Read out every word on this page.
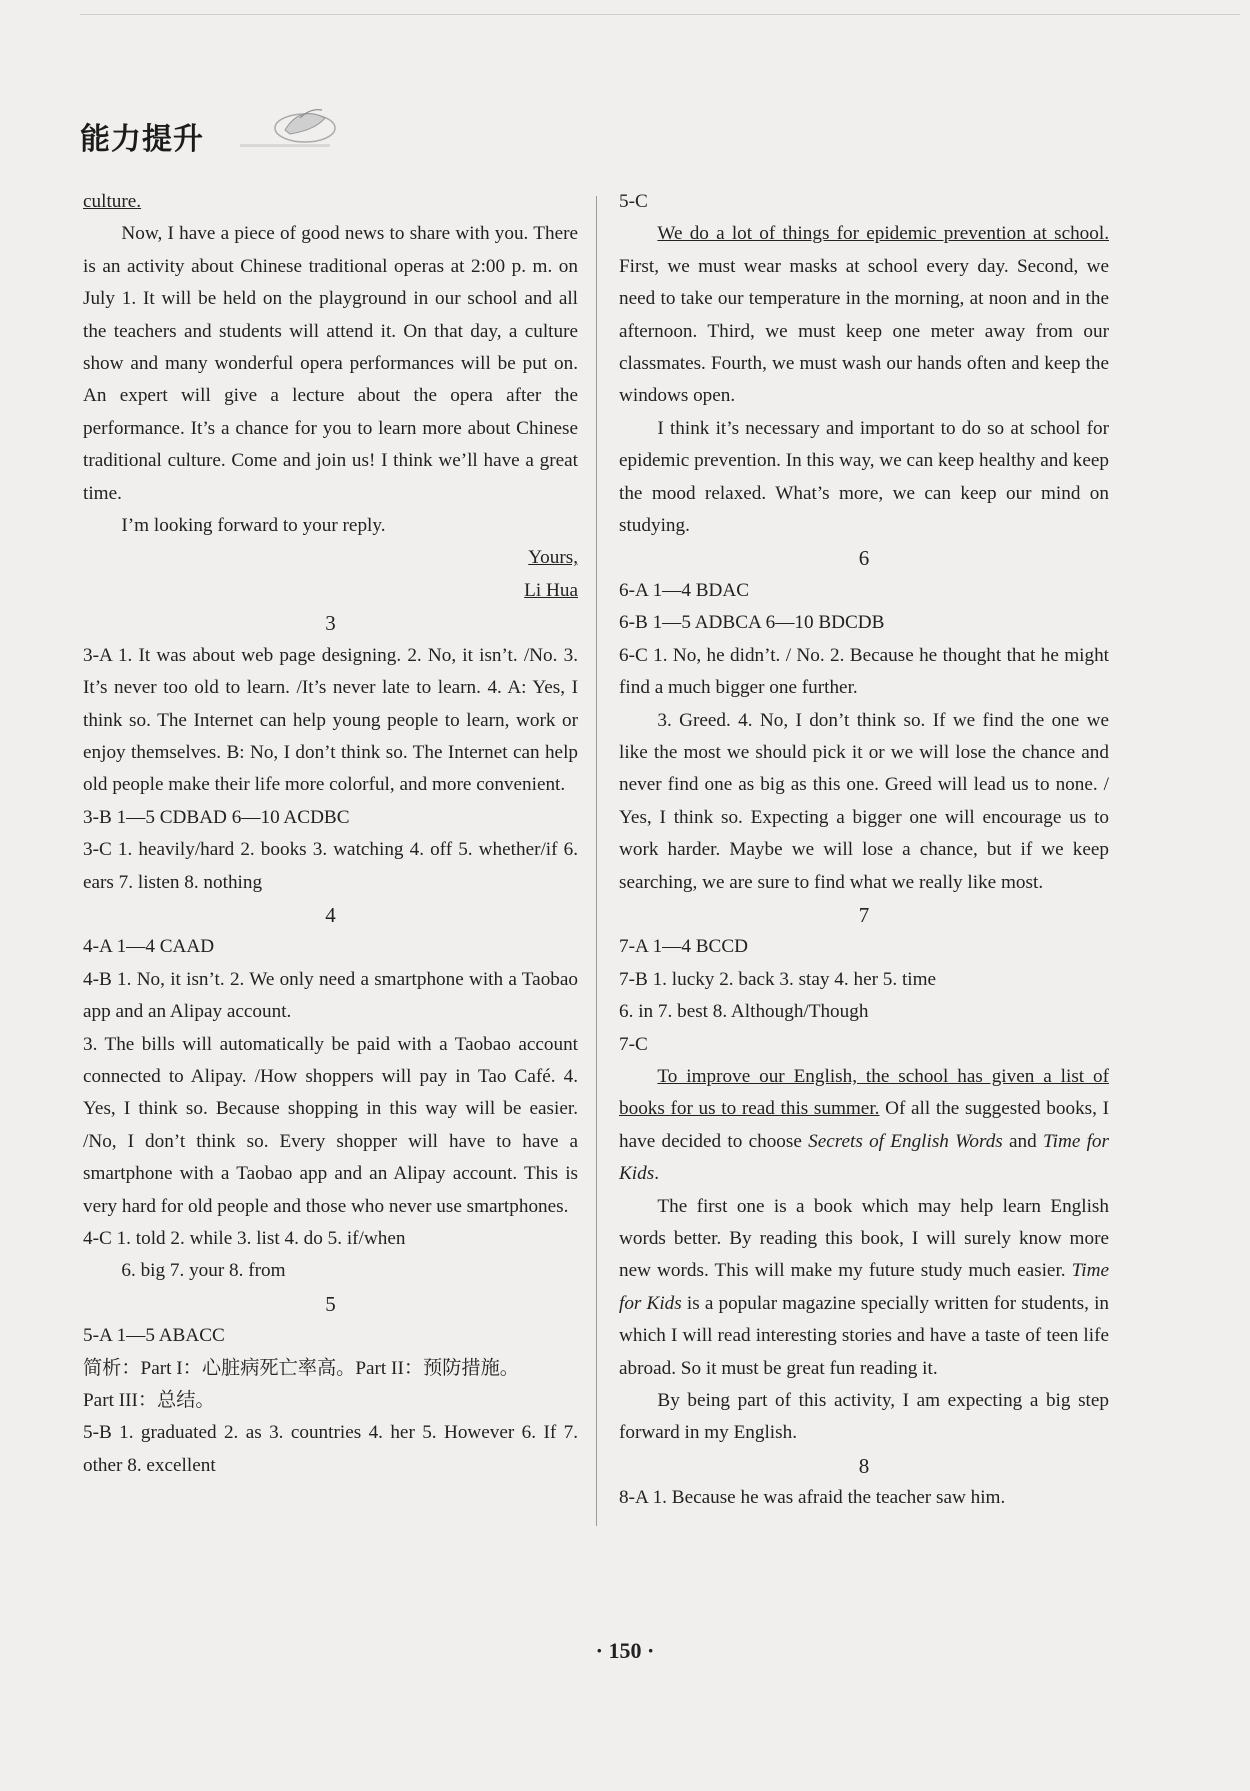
能力提升

culture.

Now, I have a piece of good news to share with you. There is an activity about Chinese traditional operas at 2:00 p. m. on July 1. It will be held on the playground in our school and all the teachers and students will attend it. On that day, a culture show and many wonderful opera performances will be put on. An expert will give a lecture about the opera after the performance. It’s a chance for you to learn more about Chinese traditional culture. Come and join us! I think we’ll have a great time.

I’m looking forward to your reply.

Yours,

Li Hua

3

3-A 1. It was about web page designing. 2. No, it isn’t. /No. 3. It’s never too old to learn. /It’s never late to learn. 4. A: Yes, I think so. The Internet can help young people to learn, work or enjoy themselves. B: No, I don’t think so. The Internet can help old people make their life more colorful, and more convenient.

3-B 1—5 CDBAD 6—10 ACDBC

3-C 1. heavily/hard 2. books 3. watching 4. off 5. whether/if 6. ears 7. listen 8. nothing

4

4-A 1—4 CAAD

4-B 1. No, it isn’t. 2. We only need a smartphone with a Taobao app and an Alipay account.

3. The bills will automatically be paid with a Taobao account connected to Alipay. /How shoppers will pay in Tao Café. 4. Yes, I think so. Because shopping in this way will be easier. /No, I don’t think so. Every shopper will have to have a smartphone with a Taobao app and an Alipay account. This is very hard for old people and those who never use smartphones.

4-C 1. told 2. while 3. list 4. do 5. if/when

6. big 7. your 8. from

5

5-A 1—5 ABACC

简析：Part I：心脏病死亡率高。Part II：预防措施。

Part III：总结。

5-B 1. graduated 2. as 3. countries 4. her 5. However 6. If 7. other 8. excellent

5-C

We do a lot of things for epidemic prevention at school. First, we must wear masks at school every day. Second, we need to take our temperature in the morning, at noon and in the afternoon. Third, we must keep one meter away from our classmates. Fourth, we must wash our hands often and keep the windows open.

I think it’s necessary and important to do so at school for epidemic prevention. In this way, we can keep healthy and keep the mood relaxed. What’s more, we can keep our mind on studying.

6

6-A 1—4 BDAC

6-B 1—5 ADBCA 6—10 BDCDB

6-C 1. No, he didn’t. / No. 2. Because he thought that he might find a much bigger one further.

3. Greed. 4. No, I don’t think so. If we find the one we like the most we should pick it or we will lose the chance and never find one as big as this one. Greed will lead us to none. / Yes, I think so. Expecting a bigger one will encourage us to work harder. Maybe we will lose a chance, but if we keep searching, we are sure to find what we really like most.

7

7-A 1—4 BCCD

7-B 1. lucky 2. back 3. stay 4. her 5. time

6. in 7. best 8. Although/Though

7-C

To improve our English, the school has given a list of books for us to read this summer. Of all the suggested books, I have decided to choose Secrets of English Words and Time for Kids.

The first one is a book which may help learn English words better. By reading this book, I will surely know more new words. This will make my future study much easier. Time for Kids is a popular magazine specially written for students, in which I will read interesting stories and have a taste of teen life abroad. So it must be great fun reading it.

By being part of this activity, I am expecting a big step forward in my English.

8

8-A 1. Because he was afraid the teacher saw him.

· 150 ·
